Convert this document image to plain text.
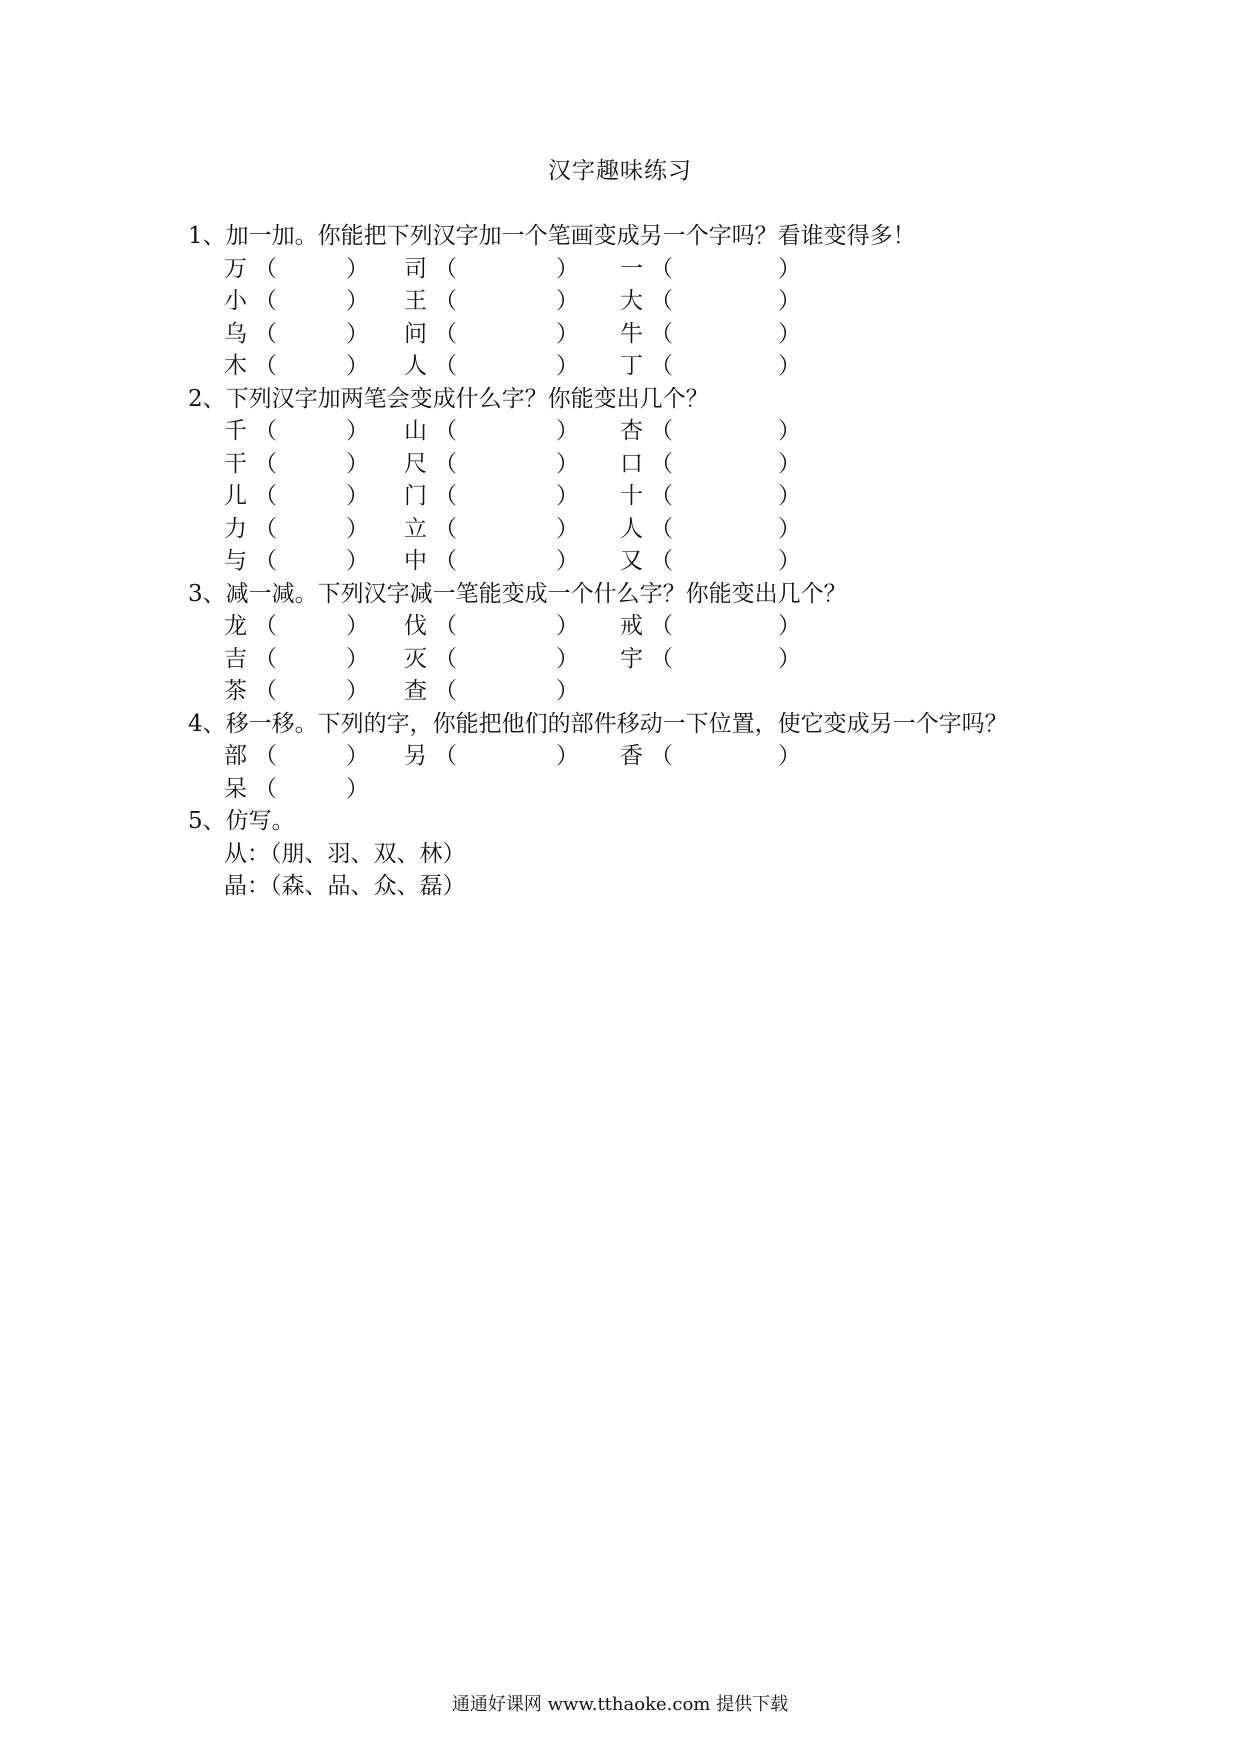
汉字趣味练习
1、加一加。你能把下列汉字加一个笔画变成另一个字吗？看谁变得多！
万 （	） 司 （	） 一 （	）
小 （	） 王 （	） 大 （	）
乌 （	） 问 （	） 牛 （	）
木 （	） 人 （	） 丁 （	）
2、下列汉字加两笔会变成什么字？你能变出几个？
千 （	） 山 （	） 杏 （	）
干 （	） 尺 （	） 口 （	）
儿 （	） 门 （	） 十 （	）
力 （	） 立 （	） 人 （	）
与 （	） 中 （	） 又 （	）
3、减一减。下列汉字减一笔能变成一个什么字？你能变出几个？
龙 （	） 伐 （	） 戒 （	）
吉 （	） 灭 （	） 宇 （	）
茶 （	） 查 （	）
4、移一移。下列的字，你能把他们的部件移动一下位置，使它变成另一个字吗？
部 （	） 另 （	） 香 （	）
呆 （	）
5、仿写。
从：（朋、羽、双、林）
晶：（森、品、众、磊）
通通好课网 www.tthaoke.com 提供下载
